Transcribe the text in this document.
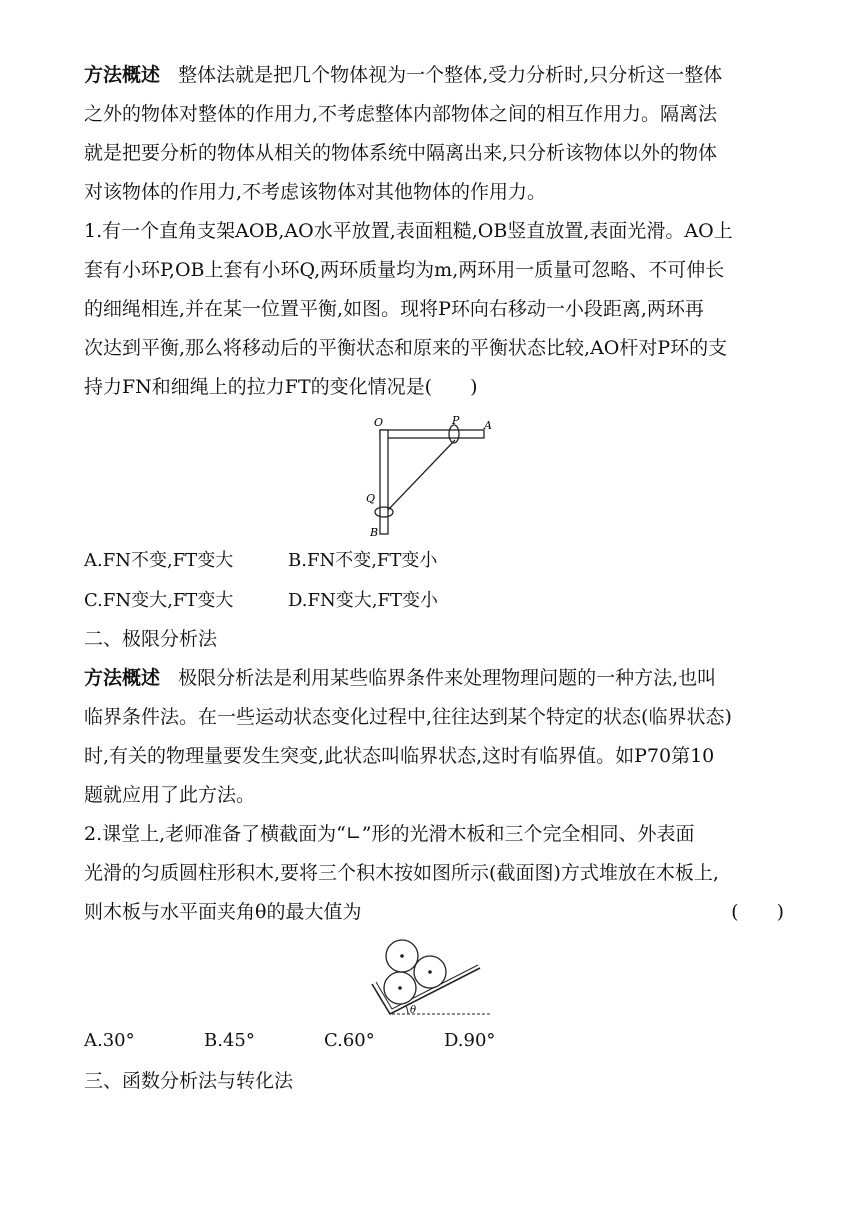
方法概述 整体法就是把几个物体视为一个整体,受力分析时,只分析这一整体
之外的物体对整体的作用力,不考虑整体内部物体之间的相互作用力。隔离法
就是把要分析的物体从相关的物体系统中隔离出来,只分析该物体以外的物体
对该物体的作用力,不考虑该物体对其他物体的作用力。
1.有一个直角支架AOB,AO水平放置,表面粗糙,OB竖直放置,表面光滑。AO上
套有小环P,OB上套有小环Q,两环质量均为m,两环用一质量可忽略、不可伸长
的细绳相连,并在某一位置平衡,如图。现将P环向右移动一小段距离,两环再
次达到平衡,那么将移动后的平衡状态和原来的平衡状态比较,AO杆对P环的支
持力FN和细绳上的拉力FT的变化情况是(　　)
O	P A
Q
B
A.FN不变,FT变大	B.FN不变,FT变小
C.FN变大,FT变大	D.FN变大,FT变小
二、极限分析法
方法概述 极限分析法是利用某些临界条件来处理物理问题的一种方法,也叫
临界条件法。在一些运动状态变化过程中,往往达到某个特定的状态(临界状态)
时,有关的物理量要发生突变,此状态叫临界状态,这时有临界值。如P70第10
题就应用了此方法。
2.课堂上,老师准备了横截面为“∟”形的光滑木板和三个完全相同、外表面
光滑的匀质圆柱形积木,要将三个积木按如图所示(截面图)方式堆放在木板上,
则木板与水平面夹角θ的最大值为	(　　)
θ
A.30°	B.45°	C.60°	D.90°
三、函数分析法与转化法
